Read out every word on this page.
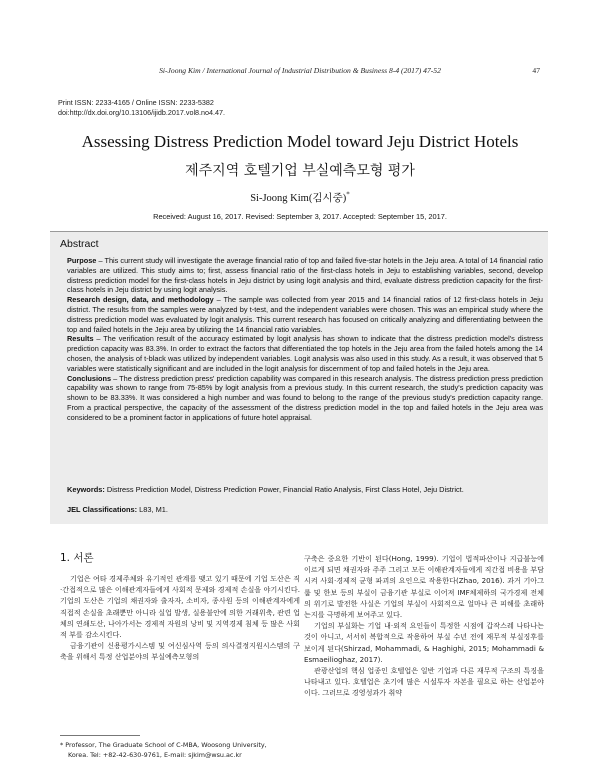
Si-Joong Kim / International Journal of Industrial Distribution & Business 8-4 (2017) 47-52	47
Print ISSN: 2233-4165 / Online ISSN: 2233-5382
doi:http://dx.doi.org/10.13106/ijidb.2017.vol8.no4.47.
Assessing Distress Prediction Model toward Jeju District Hotels
제주지역 호텔기업 부실예측모형 평가
Si-Joong Kim(김시중)*
Received: August 16, 2017. Revised: September 3, 2017. Accepted: September 15, 2017.
Abstract

Purpose – This current study will investigate the average financial ratio of top and failed five-star hotels in the Jeju area. A total of 14 financial ratio variables are utilized. This study aims to; first, assess financial ratio of the first-class hotels in Jeju to establishing variables, second, develop distress prediction model for the first-class hotels in Jeju district by using logit analysis and third, evaluate distress prediction capacity for the first-class hotels in Jeju district by using logit analysis.

Research design, data, and methodology – The sample was collected from year 2015 and 14 financial ratios of 12 first-class hotels in Jeju district. The results from the samples were analyzed by t-test, and the independent variables were chosen. This was an empirical study where the distress prediction model was evaluated by logit analysis. This current research has focused on critically analyzing and differentiating between the top and failed hotels in the Jeju area by utilizing the 14 financial ratio variables.

Results – The verification result of the accuracy estimated by logit analysis has shown to indicate that the distress prediction model's distress prediction capacity was 83.3%. In order to extract the factors that differentiated the top hotels in the Jeju area from the failed hotels among the 14 chosen, the analysis of t-black was utilized by independent variables. Logit analysis was also used in this study. As a result, it was observed that 5 variables were statistically significant and are included in the logit analysis for discernment of top and failed hotels in the Jeju area.

Conclusions – The distress prediction press' prediction capability was compared in this research analysis. The distress prediction press prediction capability was shown to range from 75-85% by logit analysis from a previous study. In this current research, the study's prediction capacity was shown to be 83.33%. It was considered a high number and was found to belong to the range of the previous study's prediction capacity range. From a practical perspective, the capacity of the assessment of the distress prediction model in the top and failed hotels in the Jeju area was considered to be a prominent factor in applications of future hotel appraisal.

Keywords: Distress Prediction Model, Distress Prediction Power, Financial Ratio Analysis, First Class Hotel, Jeju District.
JEL Classifications: L83, M1.
1. 서론

기업은 여타 경제주체와 유기적인 관계를 맺고 있기 때문에 기업 도산은 직·간접적으로 많은 이해관계자들에게 사회적 문제와 경제적 손실을 야기시킨다. 기업의 도산은 기업의 채권자와 출자자, 소비자, 종사원 등의 이해관계자에게 직접적 손실을 초래뿐만 아니라 실업 발생, 실용불안에 의한 거래위축, 관련 업체의 연쇄도산, 나아가서는 경제적 자원의 낭비 및 지역경제 침체 등 많은 사회적 부를 감소시킨다.

금융기관이 신용평가시스템 및 여신심사역 등의 의사결정지원시스템의 구축을 위해서 특정 산업분야의 부실예측모형의

구축은 중요한 기반이 된다(Hong, 1999). 기업이 법적파산이나 지급불능에 이르게 되면 채권자와 주주 그리고 모든 이해관계자들에게 직간접 비용을 부담시켜 사회·경제적 균형 파괴의 요인으로 작용한다(Zhao, 2016). 과거 기아그룹 및 한보 등의 부실이 금융기관 부실로 이어져 IMF체제하의 국가경제 전체의 위기로 발전한 사실은 기업의 부실이 사회적으로 얼마나 큰 피해를 초래하는지를 극명하게 보여주고 있다.

기업의 부실화는 기업 내·외적 요인들이 특정한 시점에 갑작스레 나타나는 것이 아니고, 서서히 복합적으로 작용하여 부실 수년 전에 재무적 부실징후를 보이게 된다(Shirzad, Mohammadi, & Haghighi, 2015; Mohammadi & Esmaeilioghaz, 2017).

관광산업의 핵심 업종인 호텔업은 일반 기업과 다른 재무적 구조의 특징을 나타내고 있다. 호텔업은 초기에 많은 시설투자 자본을 필요로 하는 산업분야이다. 그러므로 경영성과가 취약

* Professor, The Graduate School of C-MBA, Woosong University,
Korea. Tel: +82-42-630-9761, E-mail: sjkim@wsu.ac.kr
